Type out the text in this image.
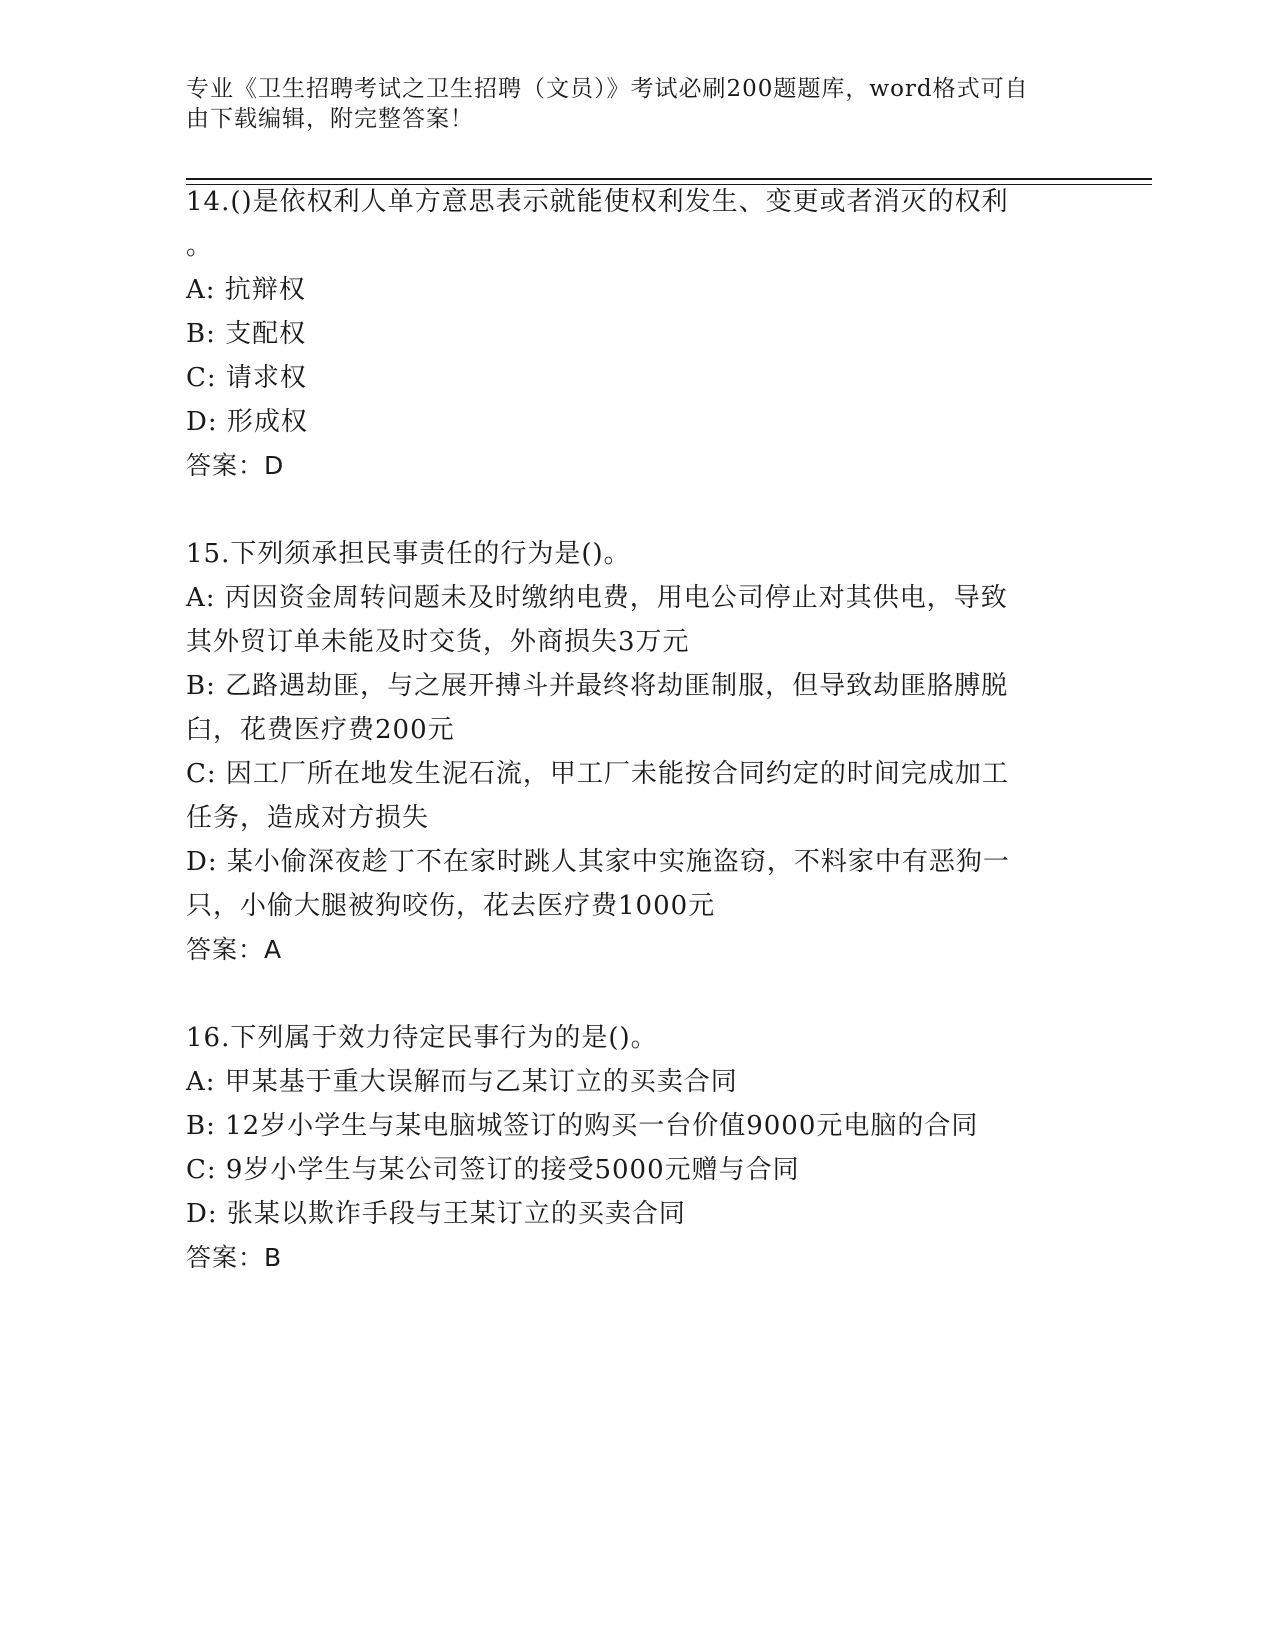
专业《卫生招聘考试之卫生招聘（文员）》考试必刷200题题库，word格式可自
由下载编辑，附完整答案！
14.()是依权利人单方意思表示就能使权利发生、变更或者消灭的权利
。
A: 抗辩权
B: 支配权
C: 请求权
D: 形成权
答案：D
15.下列须承担民事责任的行为是()。
A: 丙因资金周转问题未及时缴纳电费，用电公司停止对其供电，导致
其外贸订单未能及时交货，外商损失3万元
B: 乙路遇劫匪，与之展开搏斗并最终将劫匪制服，但导致劫匪胳膊脱
臼，花费医疗费200元
C: 因工厂所在地发生泥石流，甲工厂未能按合同约定的时间完成加工
任务，造成对方损失
D: 某小偷深夜趁丁不在家时跳人其家中实施盗窃，不料家中有恶狗一
只，小偷大腿被狗咬伤，花去医疗费1000元
答案：A
16.下列属于效力待定民事行为的是()。
A: 甲某基于重大误解而与乙某订立的买卖合同
B: 12岁小学生与某电脑城签订的购买一台价值9000元电脑的合同
C: 9岁小学生与某公司签订的接受5000元赠与合同
D: 张某以欺诈手段与王某订立的买卖合同
答案：B
